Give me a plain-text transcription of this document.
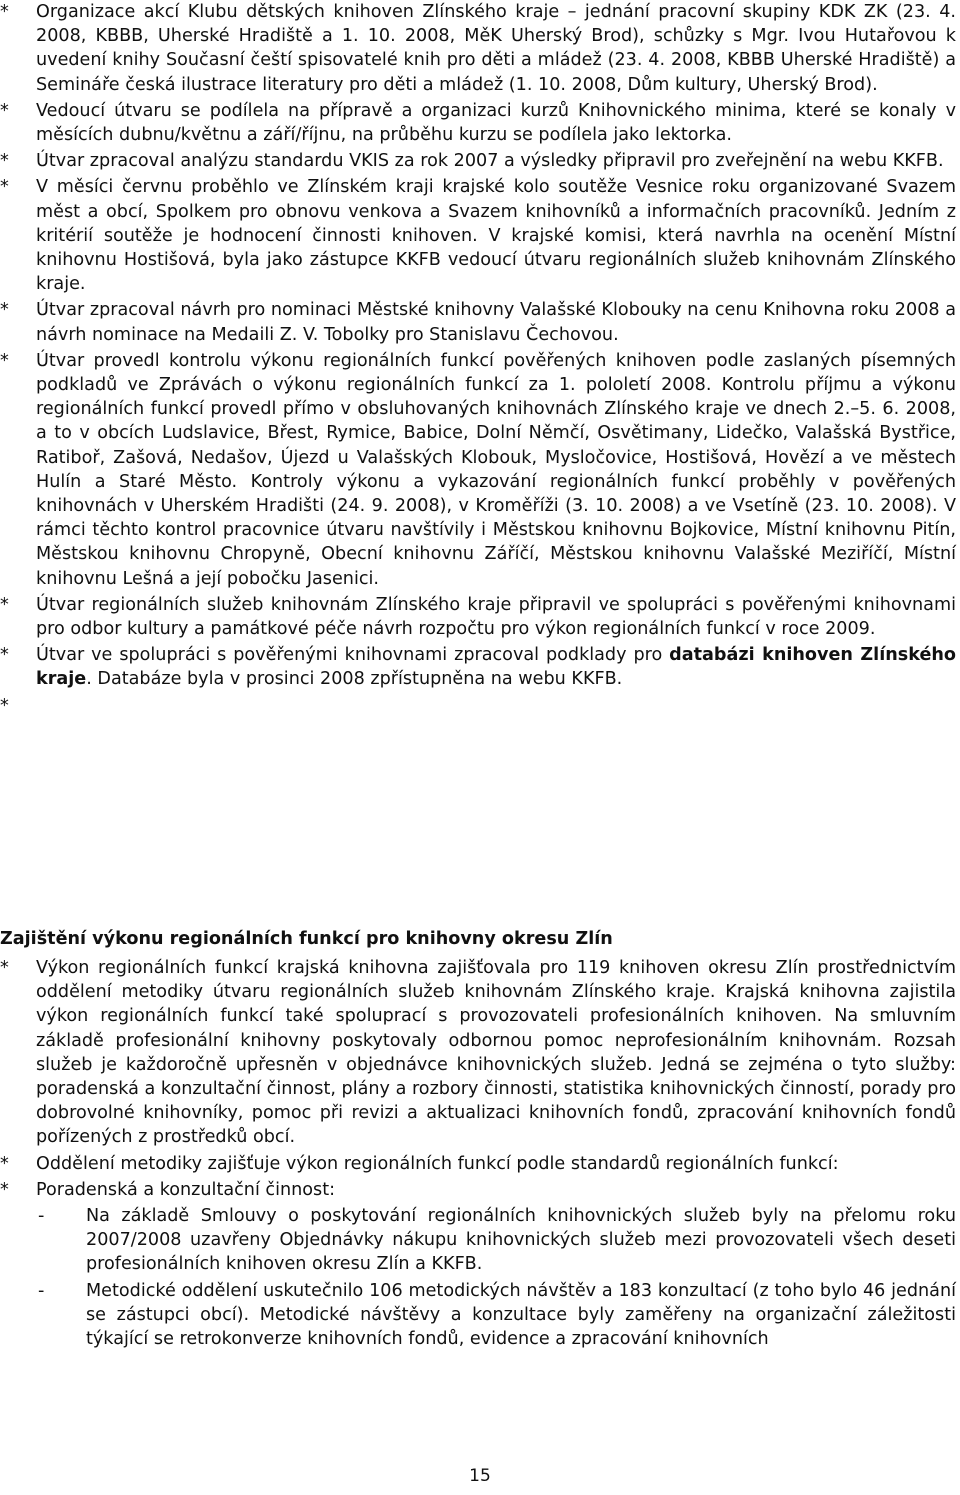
* Organizace akcí Klubu dětských knihoven Zlínského kraje – jednání pracovní skupiny KDK ZK (23. 4. 2008, KBBB, Uherské Hradiště a 1. 10. 2008, MěK Uherský Brod), schůzky s Mgr. Ivou Hutařovou k uvedení knihy Současní čeští spisovatelé knih pro děti a mládež (23. 4. 2008, KBBB Uherské Hradiště) a Semináře česká ilustrace literatury pro děti a mládež (1. 10. 2008, Dům kultury, Uherský Brod).
* Vedoucí útvaru se podílela na přípravě a organizaci kurzů Knihovnického minima, které se konaly v měsících dubnu/květnu a září/říjnu, na průběhu kurzu se podílela jako lektorka.
* Útvar zpracoval analýzu standardu VKIS za rok 2007 a výsledky připravil pro zveřejnění na webu KKFB.
* V měsíci červnu proběhlo ve Zlínském kraji krajské kolo soutěže Vesnice roku organizované Svazem měst a obcí, Spolkem pro obnovu venkova a Svazem knihovníků a informačních pracovníků. Jedním z kritérií soutěže je hodnocení činnosti knihoven. V krajské komisi, která navrhla na ocenění Místní knihovnu Hostišová, byla jako zástupce KKFB vedoucí útvaru regionálních služeb knihovnám Zlínského kraje.
* Útvar zpracoval návrh pro nominaci Městské knihovny Valašské Klobouky na cenu Knihovna roku 2008 a návrh nominace na Medaili Z. V. Tobolky pro Stanislavu Čechovou.
* Útvar provedl kontrolu výkonu regionálních funkcí pověřených knihoven podle zaslaných písemných podkladů ve Zprávách o výkonu regionálních funkcí za 1. pololetí 2008. Kontrolu příjmu a výkonu regionálních funkcí provedl přímo v obsluhovaných knihovnách Zlínského kraje ve dnech 2.–5. 6. 2008, a to v obcích Ludslavice, Břest, Rymice, Babice, Dolní Němčí, Osvětimany, Lidečko, Valašská Bystřice, Ratiboř, Zašová, Nedašov, Újezd u Valašských Klobouk, Mysločovice, Hostišová, Hovězí a ve městech Hulín a Staré Město. Kontroly výkonu a vykazování regionálních funkcí proběhly v pověřených knihovnách v Uherském Hradišti (24. 9. 2008), v Kroměříži (3. 10. 2008) a ve Vsetíně (23. 10. 2008). V rámci těchto kontrol pracovnice útvaru navštívily i Městskou knihovnu Bojkovice, Místní knihovnu Pitín, Městskou knihovnu Chropyně, Obecní knihovnu Záříčí, Městskou knihovnu Valašské Meziříčí, Místní knihovnu Lešná a její pobočku Jasenici.
* Útvar regionálních služeb knihovnám Zlínského kraje připravil ve spolupráci s pověřenými knihovnami pro odbor kultury a památkové péče návrh rozpočtu pro výkon regionálních funkcí v roce 2009.
* Útvar ve spolupráci s pověřenými knihovnami zpracoval podklady pro databázi knihoven Zlínského kraje. Databáze byla v prosinci 2008 zpřístupněna na webu KKFB.
*

Zajištění výkonu regionálních funkcí pro knihovny okresu Zlín
* Výkon regionálních funkcí krajská knihovna zajišťovala pro 119 knihoven okresu Zlín prostřednictvím oddělení metodiky útvaru regionálních služeb knihovnám Zlínského kraje. Krajská knihovna zajistila výkon regionálních funkcí také spoluprací s provozovateli profesionálních knihoven. Na smluvním základě profesionální knihovny poskytovaly odbornou pomoc neprofesionálním knihovnám. Rozsah služeb je každoročně upřesněn v objednávce knihovnických služeb. Jedná se zejména o tyto služby: poradenská a konzultační činnost, plány a rozbory činnosti, statistika knihovnických činností, porady pro dobrovolné knihovníky, pomoc při revizi a aktualizaci knihovních fondů, zpracování knihovních fondů pořízených z prostředků obcí.
* Oddělení metodiky zajišťuje výkon regionálních funkcí podle standardů regionálních funkcí:
* Poradenská a konzultační činnost:
- Na základě Smlouvy o poskytování regionálních knihovnických služeb byly na přelomu roku 2007/2008 uzavřeny Objednávky nákupu knihovnických služeb mezi provozovateli všech deseti profesionálních knihoven okresu Zlín a KKFB.
- Metodické oddělení uskutečnilo 106 metodických návštěv a 183 konzultací (z toho bylo 46 jednání se zástupci obcí). Metodické návštěvy a konzultace byly zaměřeny na organizační záležitosti týkající se retrokonverze knihovních fondů, evidence a zpracování knihovních
15
